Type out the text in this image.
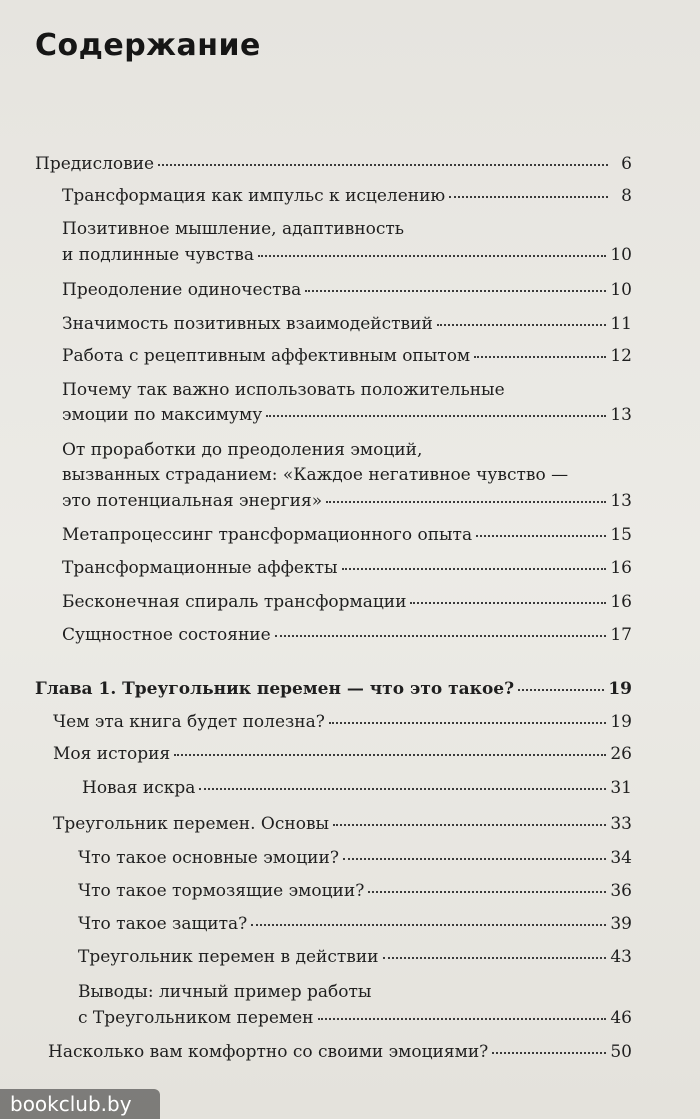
Содержание
Предисловие	6
Трансформация как импульс к исцелению	8
Позитивное мышление, адаптивность
и подлинные чувства	10
Преодоление одиночества	10
Значимость позитивных взаимодействий	11
Работа с рецептивным аффективным опытом	12
Почему так важно использовать положительные
эмоции по максимуму	13
От проработки до преодоления эмоций,
вызванных страданием: «Каждое негативное чувство —
это потенциальная энергия»	13
Метапроцессинг трансформационного опыта	15
Трансформационные аффекты	16
Бесконечная спираль трансформации	16
Сущностное состояние	17
Глава 1. Треугольник перемен — что это такое?	19
Чем эта книга будет полезна?	19
Моя история	26
Новая искра	31
Треугольник перемен. Основы	33
Что такое основные эмоции?	34
Что такое тормозящие эмоции?	36
Что такое защита?	39
Треугольник перемен в действии	43
Выводы: личный пример работы
с Треугольником перемен	46
Насколько вам комфортно со своими эмоциями?	50
bookclub.by
